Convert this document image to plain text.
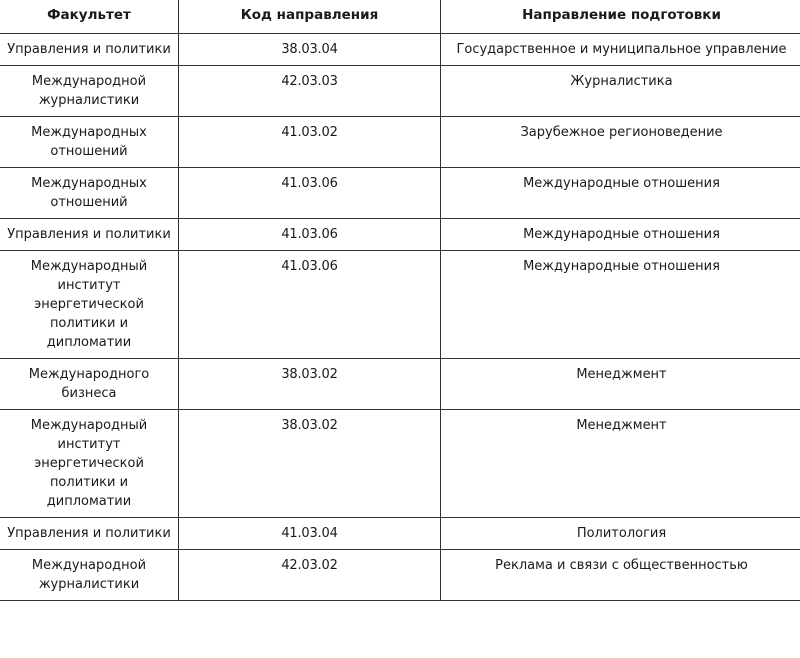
Факультет	Код направления	Направление подготовки
Управления и политики	38.03.04	Государственное и муниципальное управление
Международной журналистики	42.03.03	Журналистика
Международных отношений	41.03.02	Зарубежное регионоведение
Международных отношений	41.03.06	Международные отношения
Управления и политики	41.03.06	Международные отношения
Международный институт энергетической политики и дипломатии	41.03.06	Международные отношения
Международного бизнеса	38.03.02	Менеджмент
Международный институт энергетической политики и дипломатии	38.03.02	Менеджмент
Управления и политики	41.03.04	Политология
Международной журналистики	42.03.02	Реклама и связи с общественностью
